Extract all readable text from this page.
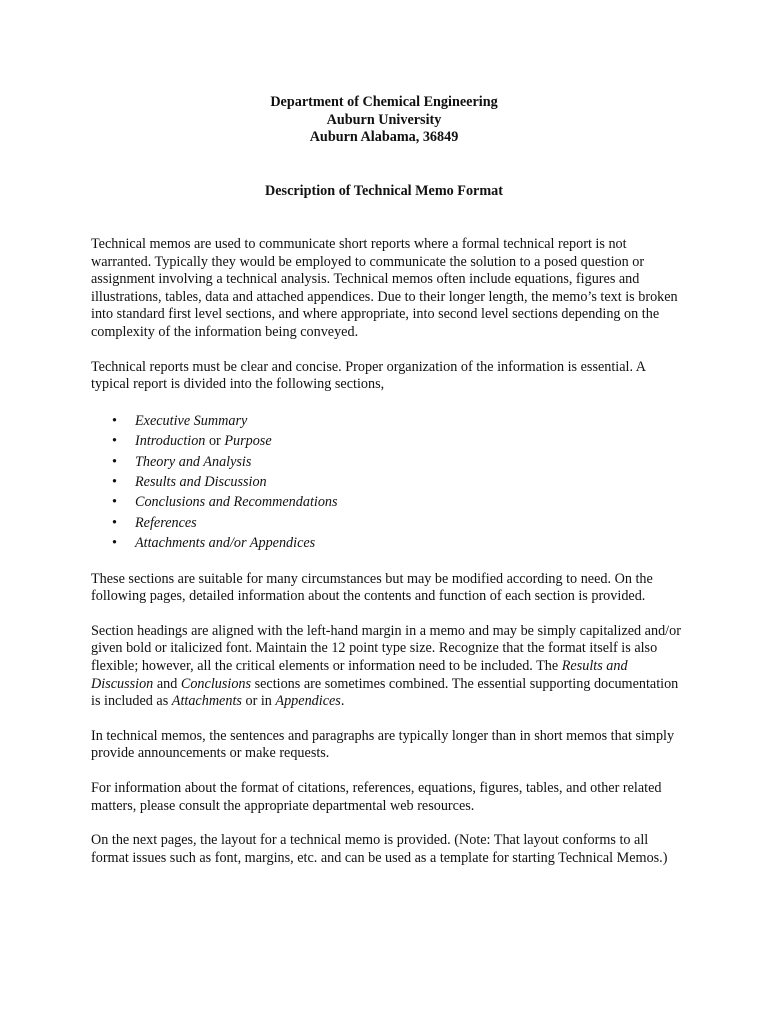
Department of Chemical Engineering
Auburn University
Auburn Alabama, 36849
Description of Technical Memo Format

Technical memos are used to communicate short reports where a formal technical report is not warranted. Typically they would be employed to communicate the solution to a posed question or assignment involving a technical analysis. Technical memos often include equations, figures and illustrations, tables, data and attached appendices. Due to their longer length, the memo’s text is broken into standard first level sections, and where appropriate, into second level sections depending on the complexity of the information being conveyed.

Technical reports must be clear and concise. Proper organization of the information is essential. A typical report is divided into the following sections,

• Executive Summary
• Introduction or Purpose
• Theory and Analysis
• Results and Discussion
• Conclusions and Recommendations
• References
• Attachments and/or Appendices

These sections are suitable for many circumstances but may be modified according to need. On the following pages, detailed information about the contents and function of each section is provided.

Section headings are aligned with the left-hand margin in a memo and may be simply capitalized and/or given bold or italicized font. Maintain the 12 point type size. Recognize that the format itself is also flexible; however, all the critical elements or information need to be included. The Results and Discussion and Conclusions sections are sometimes combined. The essential supporting documentation is included as Attachments or in Appendices.

In technical memos, the sentences and paragraphs are typically longer than in short memos that simply provide announcements or make requests.

For information about the format of citations, references, equations, figures, tables, and other related matters, please consult the appropriate departmental web resources.

On the next pages, the layout for a technical memo is provided. (Note: That layout conforms to all format issues such as font, margins, etc. and can be used as a template for starting Technical Memos.)
